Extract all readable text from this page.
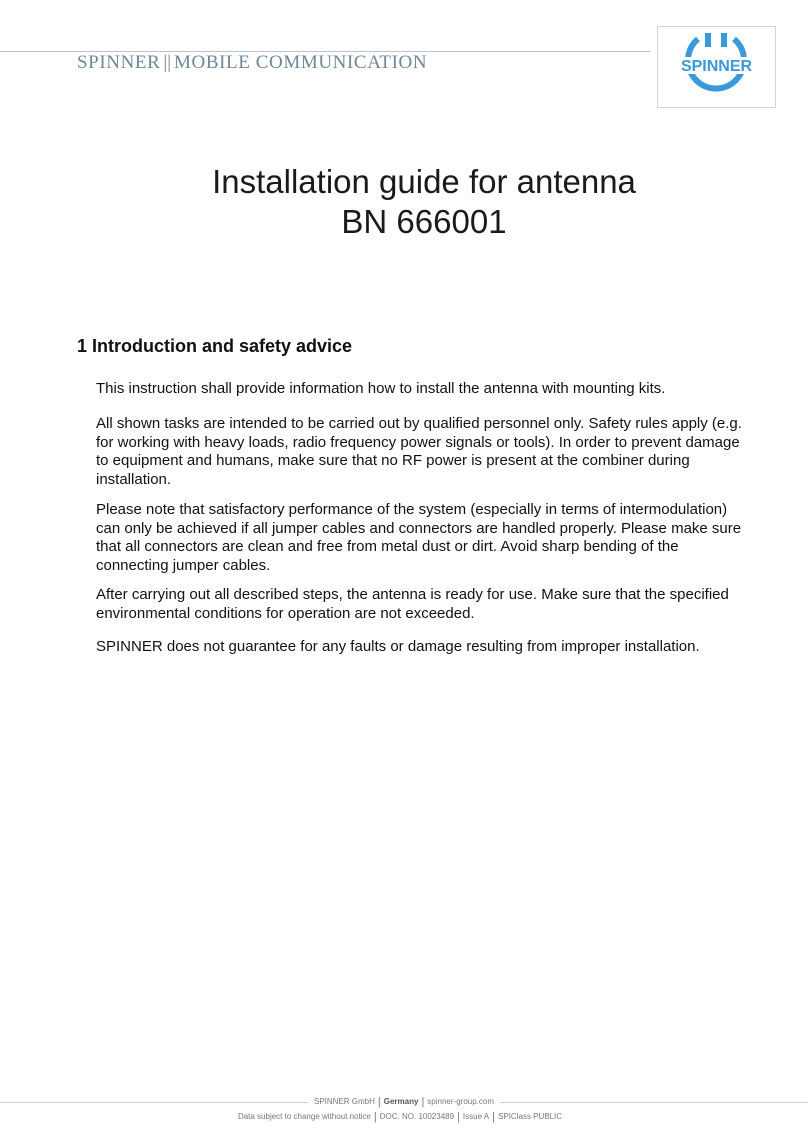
SPINNER || MOBILE COMMUNICATION	SPINNER
Installation guide for antenna
BN 666001
1 Introduction and safety advice
This instruction shall provide information how to install the antenna with mounting kits.
All shown tasks are intended to be carried out by qualified personnel only. Safety rules apply (e.g. for working with heavy loads, radio frequency power signals or tools). In order to prevent damage to equipment and humans, make sure that no RF power is present at the combiner during installation.
Please note that satisfactory performance of the system (especially in terms of intermodulation) can only be achieved if all jumper cables and connectors are handled properly. Please make sure that all connectors are clean and free from metal dust or dirt. Avoid sharp bending of the connecting jumper cables.
After carrying out all described steps, the antenna is ready for use. Make sure that the specified environmental conditions for operation are not exceeded.
SPINNER does not guarantee for any faults or damage resulting from improper installation.
SPINNER GmbH | Germany | spinner-group.com
Data subject to change without notice | DOC. NO. 10023489 | Issue A | SPIClass PUBLIC
